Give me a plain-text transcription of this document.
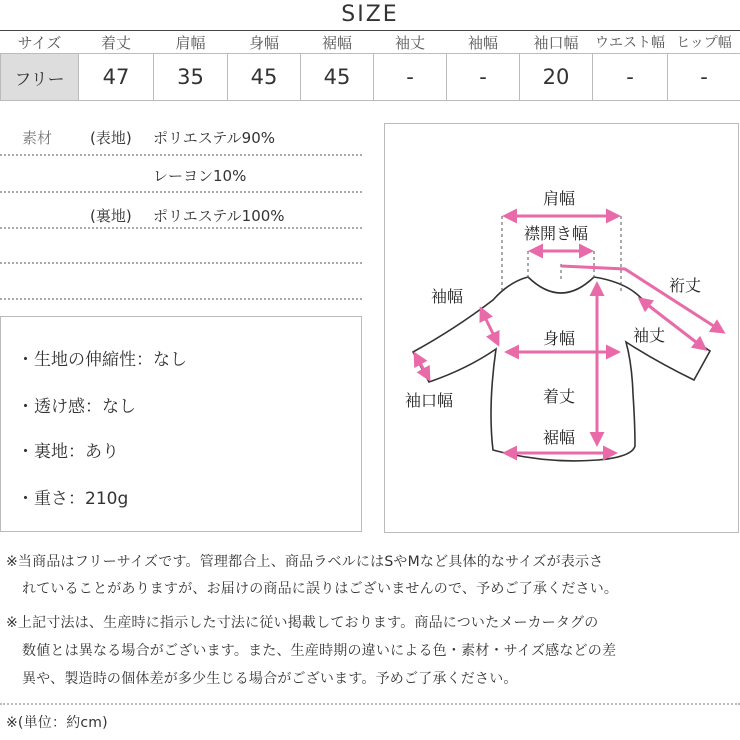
SIZE
サイズ	着丈	肩幅	身幅	裾幅	袖丈	袖幅	袖口幅	ウエスト幅	ヒップ幅
フリー	47	35	45	45	-	-	20	-	-
素材	(表地) ポリエステル90%
レーヨン10%
(裏地) ポリエステル100%
・生地の伸縮性：なし
・透け感：なし
・裏地：あり
・重さ：210g
肩幅
襟開き幅
裄丈
袖幅
袖丈
身幅
袖口幅	着丈
裾幅
※当商品はフリーサイズです。管理都合上、商品ラベルにはSやMなど具体的なサイズが表示さ
れていることがありますが、お届けの商品に誤りはございませんので、予めご了承ください。
※上記寸法は、生産時に指示した寸法に従い掲載しております。商品についたメーカータグの
数値とは異なる場合がございます。また、生産時期の違いによる色・素材・サイズ感などの差
異や、製造時の個体差が多少生じる場合がございます。予めご了承ください。
※(単位：約cm)
